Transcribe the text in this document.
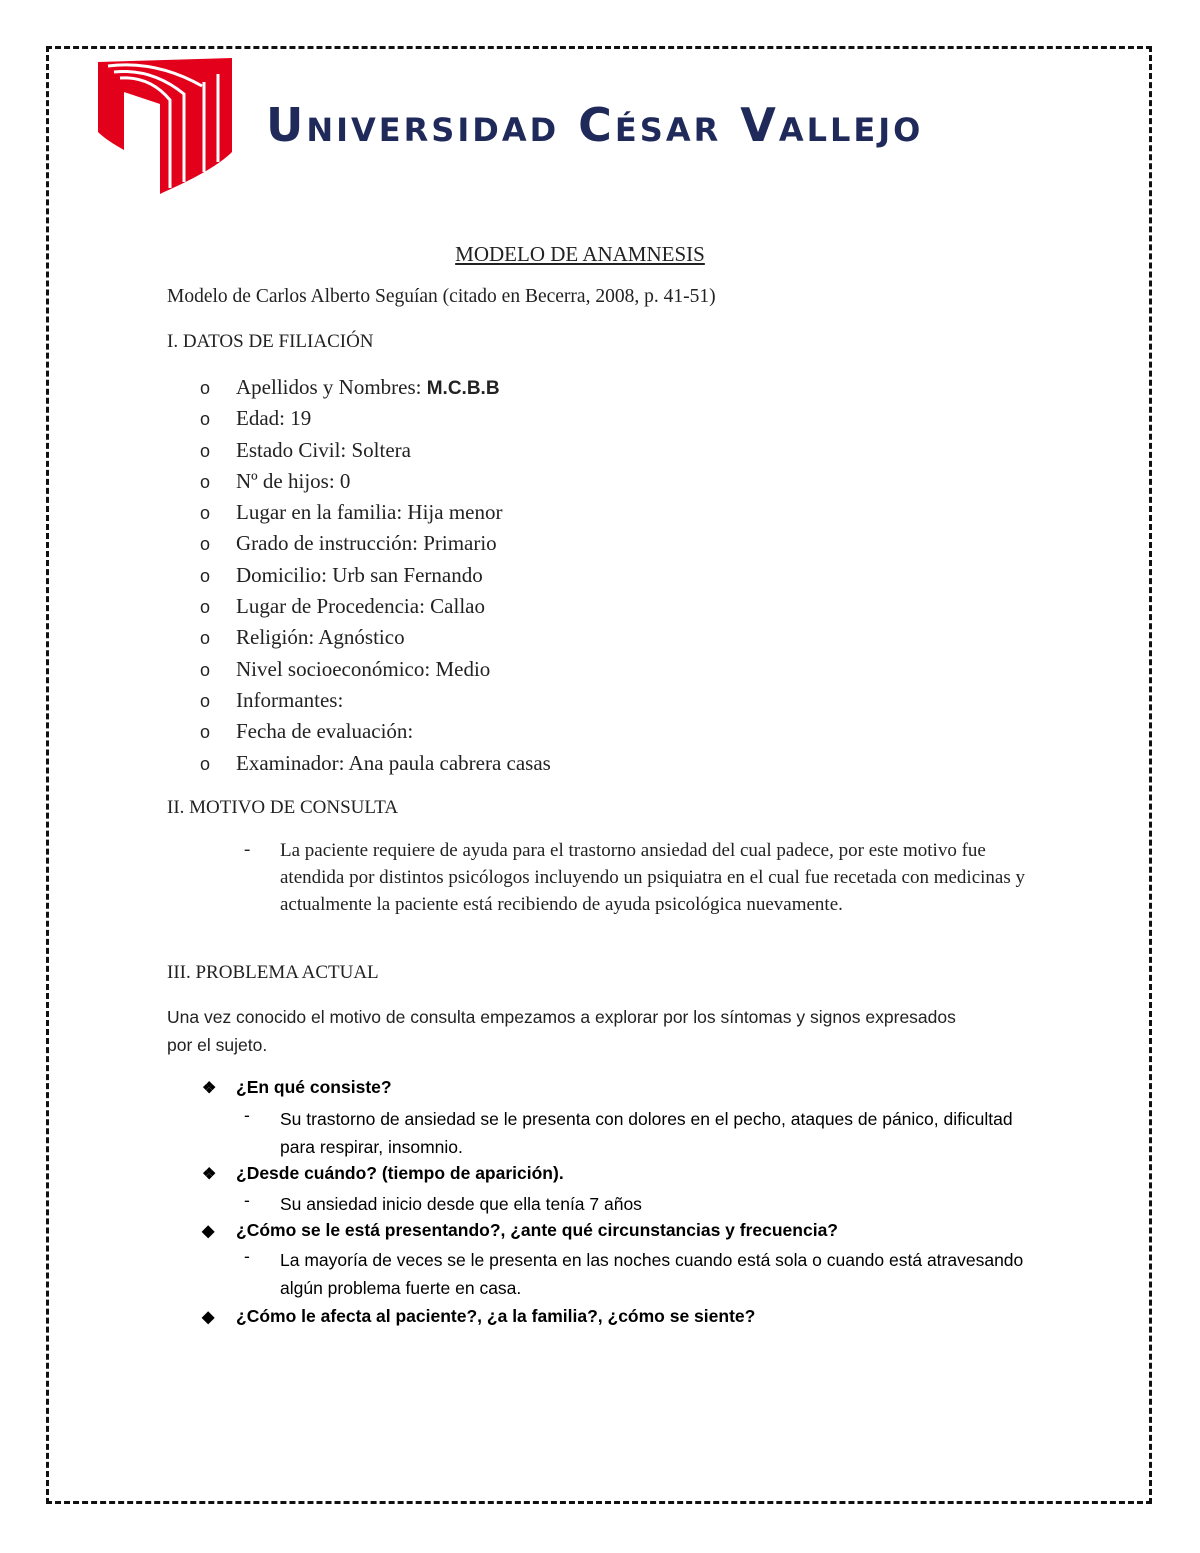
Universidad César Vallejo
MODELO DE ANAMNESIS
Modelo de Carlos Alberto Seguían (citado en Becerra, 2008, p. 41-51)
I. DATOS DE FILIACIÓN
o Apellidos y Nombres: M.C.B.B
o Edad: 19
o Estado Civil: Soltera
o Nº de hijos: 0
o Lugar en la familia: Hija menor
o Grado de instrucción: Primario
o Domicilio: Urb san Fernando
o Lugar de Procedencia: Callao
o Religión: Agnóstico
o Nivel socioeconómico: Medio
o Informantes:
o Fecha de evaluación:
o Examinador: Ana paula cabrera casas
II. MOTIVO DE CONSULTA
- La paciente requiere de ayuda para el trastorno ansiedad del cual padece, por este motivo fue atendida por distintos psicólogos incluyendo un psiquiatra en el cual fue recetada con medicinas y actualmente la paciente está recibiendo de ayuda psicológica nuevamente.
III. PROBLEMA ACTUAL
Una vez conocido el motivo de consulta empezamos a explorar por los síntomas y signos expresados por el sujeto.
❖ ¿En qué consiste?
- Su trastorno de ansiedad se le presenta con dolores en el pecho, ataques de pánico, dificultad para respirar, insomnio.
❖ ¿Desde cuándo? (tiempo de aparición).
- Su ansiedad inicio desde que ella tenía 7 años
◆ ¿Cómo se le está presentando?, ¿ante qué circunstancias y frecuencia?
- La mayoría de veces se le presenta en las noches cuando está sola o cuando está atravesando algún problema fuerte en casa.
◆ ¿Cómo le afecta al paciente?, ¿a la familia?, ¿cómo se siente?
